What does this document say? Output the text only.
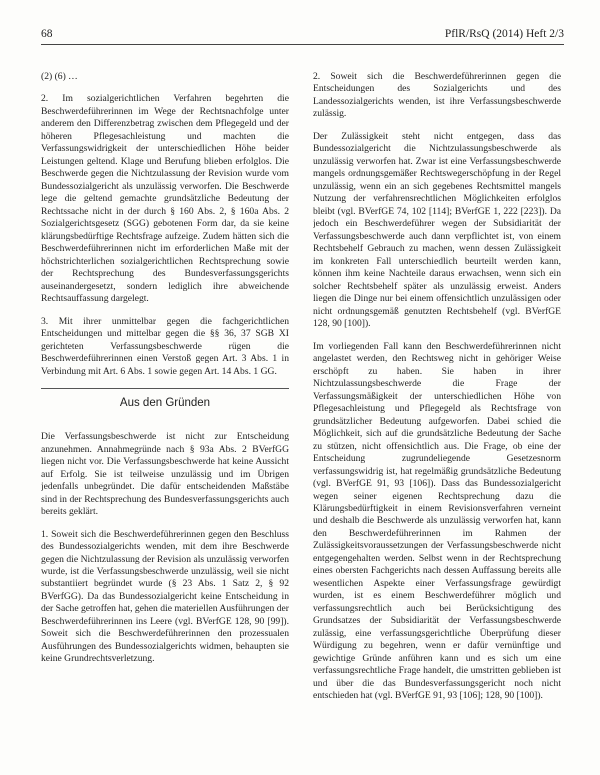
68	PflR/RsQ (2014) Heft 2/3

(2) (6) …

2. Im sozialgerichtlichen Verfahren begehrten die Beschwerdeführerinnen im Wege der Rechtsnachfolge unter anderem den Differenzbetrag zwischen dem Pflegegeld und der höheren Pflegesachleistung und machten die Verfassungswidrigkeit der unterschiedlichen Höhe beider Leistungen geltend. Klage und Berufung blieben erfolglos. Die Beschwerde gegen die Nichtzulassung der Revision wurde vom Bundessozialgericht als unzulässig verworfen. Die Beschwerde lege die geltend gemachte grundsätzliche Bedeutung der Rechtssache nicht in der durch § 160 Abs. 2, § 160a Abs. 2 Sozialgerichtsgesetz (SGG) gebotenen Form dar, da sie keine klärungsbedürftige Rechtsfrage aufzeige. Zudem hätten sich die Beschwerdeführerinnen nicht im erforderlichen Maße mit der höchstrichterlichen sozialgerichtlichen Rechtsprechung sowie der Rechtsprechung des Bundesverfassungsgerichts auseinandergesetzt, sondern lediglich ihre abweichende Rechtsauffassung dargelegt.

3. Mit ihrer unmittelbar gegen die fachgerichtlichen Entscheidungen und mittelbar gegen die §§ 36, 37 SGB XI gerichteten Verfassungsbeschwerde rügen die Beschwerdeführerinnen einen Verstoß gegen Art. 3 Abs. 1 in Verbindung mit Art. 6 Abs. 1 sowie gegen Art. 14 Abs. 1 GG.

Aus den Gründen

Die Verfassungsbeschwerde ist nicht zur Entscheidung anzunehmen. Annahmegründe nach § 93a Abs. 2 BVerfGG liegen nicht vor. Die Verfassungsbeschwerde hat keine Aussicht auf Erfolg. Sie ist teilweise unzulässig und im Übrigen jedenfalls unbegründet. Die dafür entscheidenden Maßstäbe sind in der Rechtsprechung des Bundesverfassungsgerichts auch bereits geklärt.

1. Soweit sich die Beschwerdeführerinnen gegen den Beschluss des Bundessozialgerichts wenden, mit dem ihre Beschwerde gegen die Nichtzulassung der Revision als unzulässig verworfen wurde, ist die Verfassungsbeschwerde unzulässig, weil sie nicht substantiiert begründet wurde (§ 23 Abs. 1 Satz 2, § 92 BVerfGG). Da das Bundessozialgericht keine Entscheidung in der Sache getroffen hat, gehen die materiellen Ausführungen der Beschwerdeführerinnen ins Leere (vgl. BVerfGE 128, 90 [99]). Soweit sich die Beschwerdeführerinnen den prozessualen Ausführungen des Bundessozialgerichts widmen, behaupten sie keine Grundrechtsverletzung.

2. Soweit sich die Beschwerdeführerinnen gegen die Entscheidungen des Sozialgerichts und des Landessozialgerichts wenden, ist ihre Verfassungsbeschwerde zulässig.

Der Zulässigkeit steht nicht entgegen, dass das Bundessozialgericht die Nichtzulassungsbeschwerde als unzulässig verworfen hat. Zwar ist eine Verfassungsbeschwerde mangels ordnungsgemäßer Rechtswegerschöpfung in der Regel unzulässig, wenn ein an sich gegebenes Rechtsmittel mangels Nutzung der verfahrensrechtlichen Möglichkeiten erfolglos bleibt (vgl. BVerfGE 74, 102 [114]; BVerfGE 1, 222 [223]). Da jedoch ein Beschwerdeführer wegen der Subsidiarität der Verfassungsbeschwerde auch dann verpflichtet ist, von einem Rechtsbehelf Gebrauch zu machen, wenn dessen Zulässigkeit im konkreten Fall unterschiedlich beurteilt werden kann, können ihm keine Nachteile daraus erwachsen, wenn sich ein solcher Rechtsbehelf später als unzulässig erweist. Anders liegen die Dinge nur bei einem offensichtlich unzulässigen oder nicht ordnungsgemäß genutzten Rechtsbehelf (vgl. BVerfGE 128, 90 [100]).

Im vorliegenden Fall kann den Beschwerdeführerinnen nicht angelastet werden, den Rechtsweg nicht in gehöriger Weise erschöpft zu haben. Sie haben in ihrer Nichtzulassungsbeschwerde die Frage der Verfassungsmäßigkeit der unterschiedlichen Höhe von Pflegesachleistung und Pflegegeld als Rechtsfrage von grundsätzlicher Bedeutung aufgeworfen. Dabei schied die Möglichkeit, sich auf die grundsätzliche Bedeutung der Sache zu stützen, nicht offensichtlich aus. Die Frage, ob eine der Entscheidung zugrundeliegende Gesetzesnorm verfassungswidrig ist, hat regelmäßig grundsätzliche Bedeutung (vgl. BVerfGE 91, 93 [106]). Dass das Bundessozialgericht wegen seiner eigenen Rechtsprechung dazu die Klärungsbedürftigkeit in einem Revisionsverfahren verneint und deshalb die Beschwerde als unzulässig verworfen hat, kann den Beschwerdeführerinnen im Rahmen der Zulässigkeitsvoraussetzungen der Verfassungsbeschwerde nicht entgegengehalten werden. Selbst wenn in der Rechtsprechung eines obersten Fachgerichts nach dessen Auffassung bereits alle wesentlichen Aspekte einer Verfassungsfrage gewürdigt wurden, ist es einem Beschwerdeführer möglich und verfassungsrechtlich auch bei Berücksichtigung des Grundsatzes der Subsidiarität der Verfassungsbeschwerde zulässig, eine verfassungsgerichtliche Überprüfung dieser Würdigung zu begehren, wenn er dafür vernünftige und gewichtige Gründe anführen kann und es sich um eine verfassungsrechtliche Frage handelt, die umstritten geblieben ist und über die das Bundesverfassungsgericht noch nicht entschieden hat (vgl. BVerfGE 91, 93 [106]; 128, 90 [100]).
